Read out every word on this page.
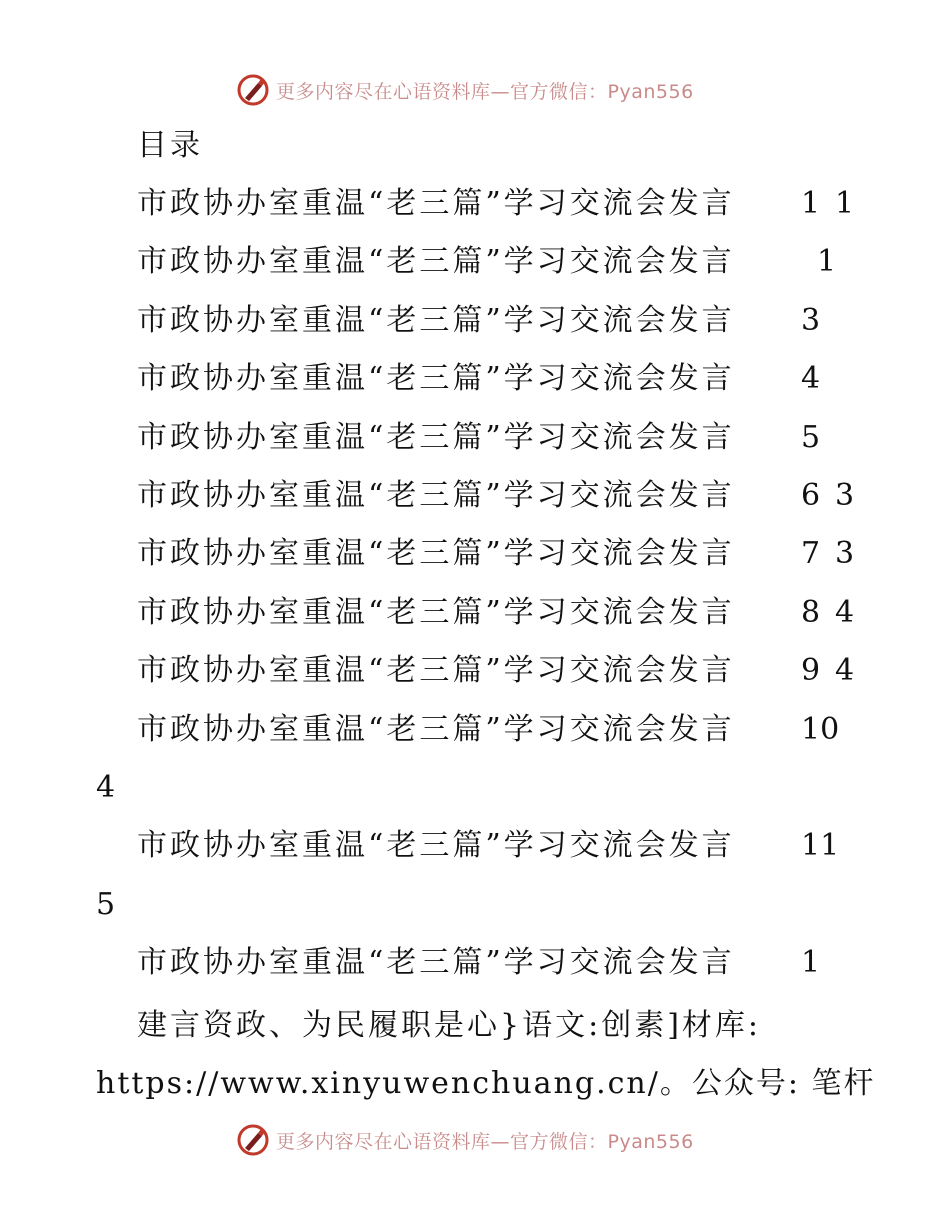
更多内容尽在心语资料库—官方微信：Pyan556
目录
市政协办室重温“老三篇”学习交流会发言 1 1
市政协办室重温“老三篇”学习交流会发言	1
市政协办室重温“老三篇”学习交流会发言 3
市政协办室重温“老三篇”学习交流会发言 4
市政协办室重温“老三篇”学习交流会发言 5
市政协办室重温“老三篇”学习交流会发言 6 3
市政协办室重温“老三篇”学习交流会发言 7 3
市政协办室重温“老三篇”学习交流会发言 8 4
市政协办室重温“老三篇”学习交流会发言 9 4
市政协办室重温“老三篇”学习交流会发言 10
4
市政协办室重温“老三篇”学习交流会发言 11
5
市政协办室重温“老三篇”学习交流会发言 1
建言资政、为民履职是心}语文:创素]材库:
https://www.xinyuwenchuang.cn/。公众号: 笔杆
更多内容尽在心语资料库—官方微信：Pyan556
